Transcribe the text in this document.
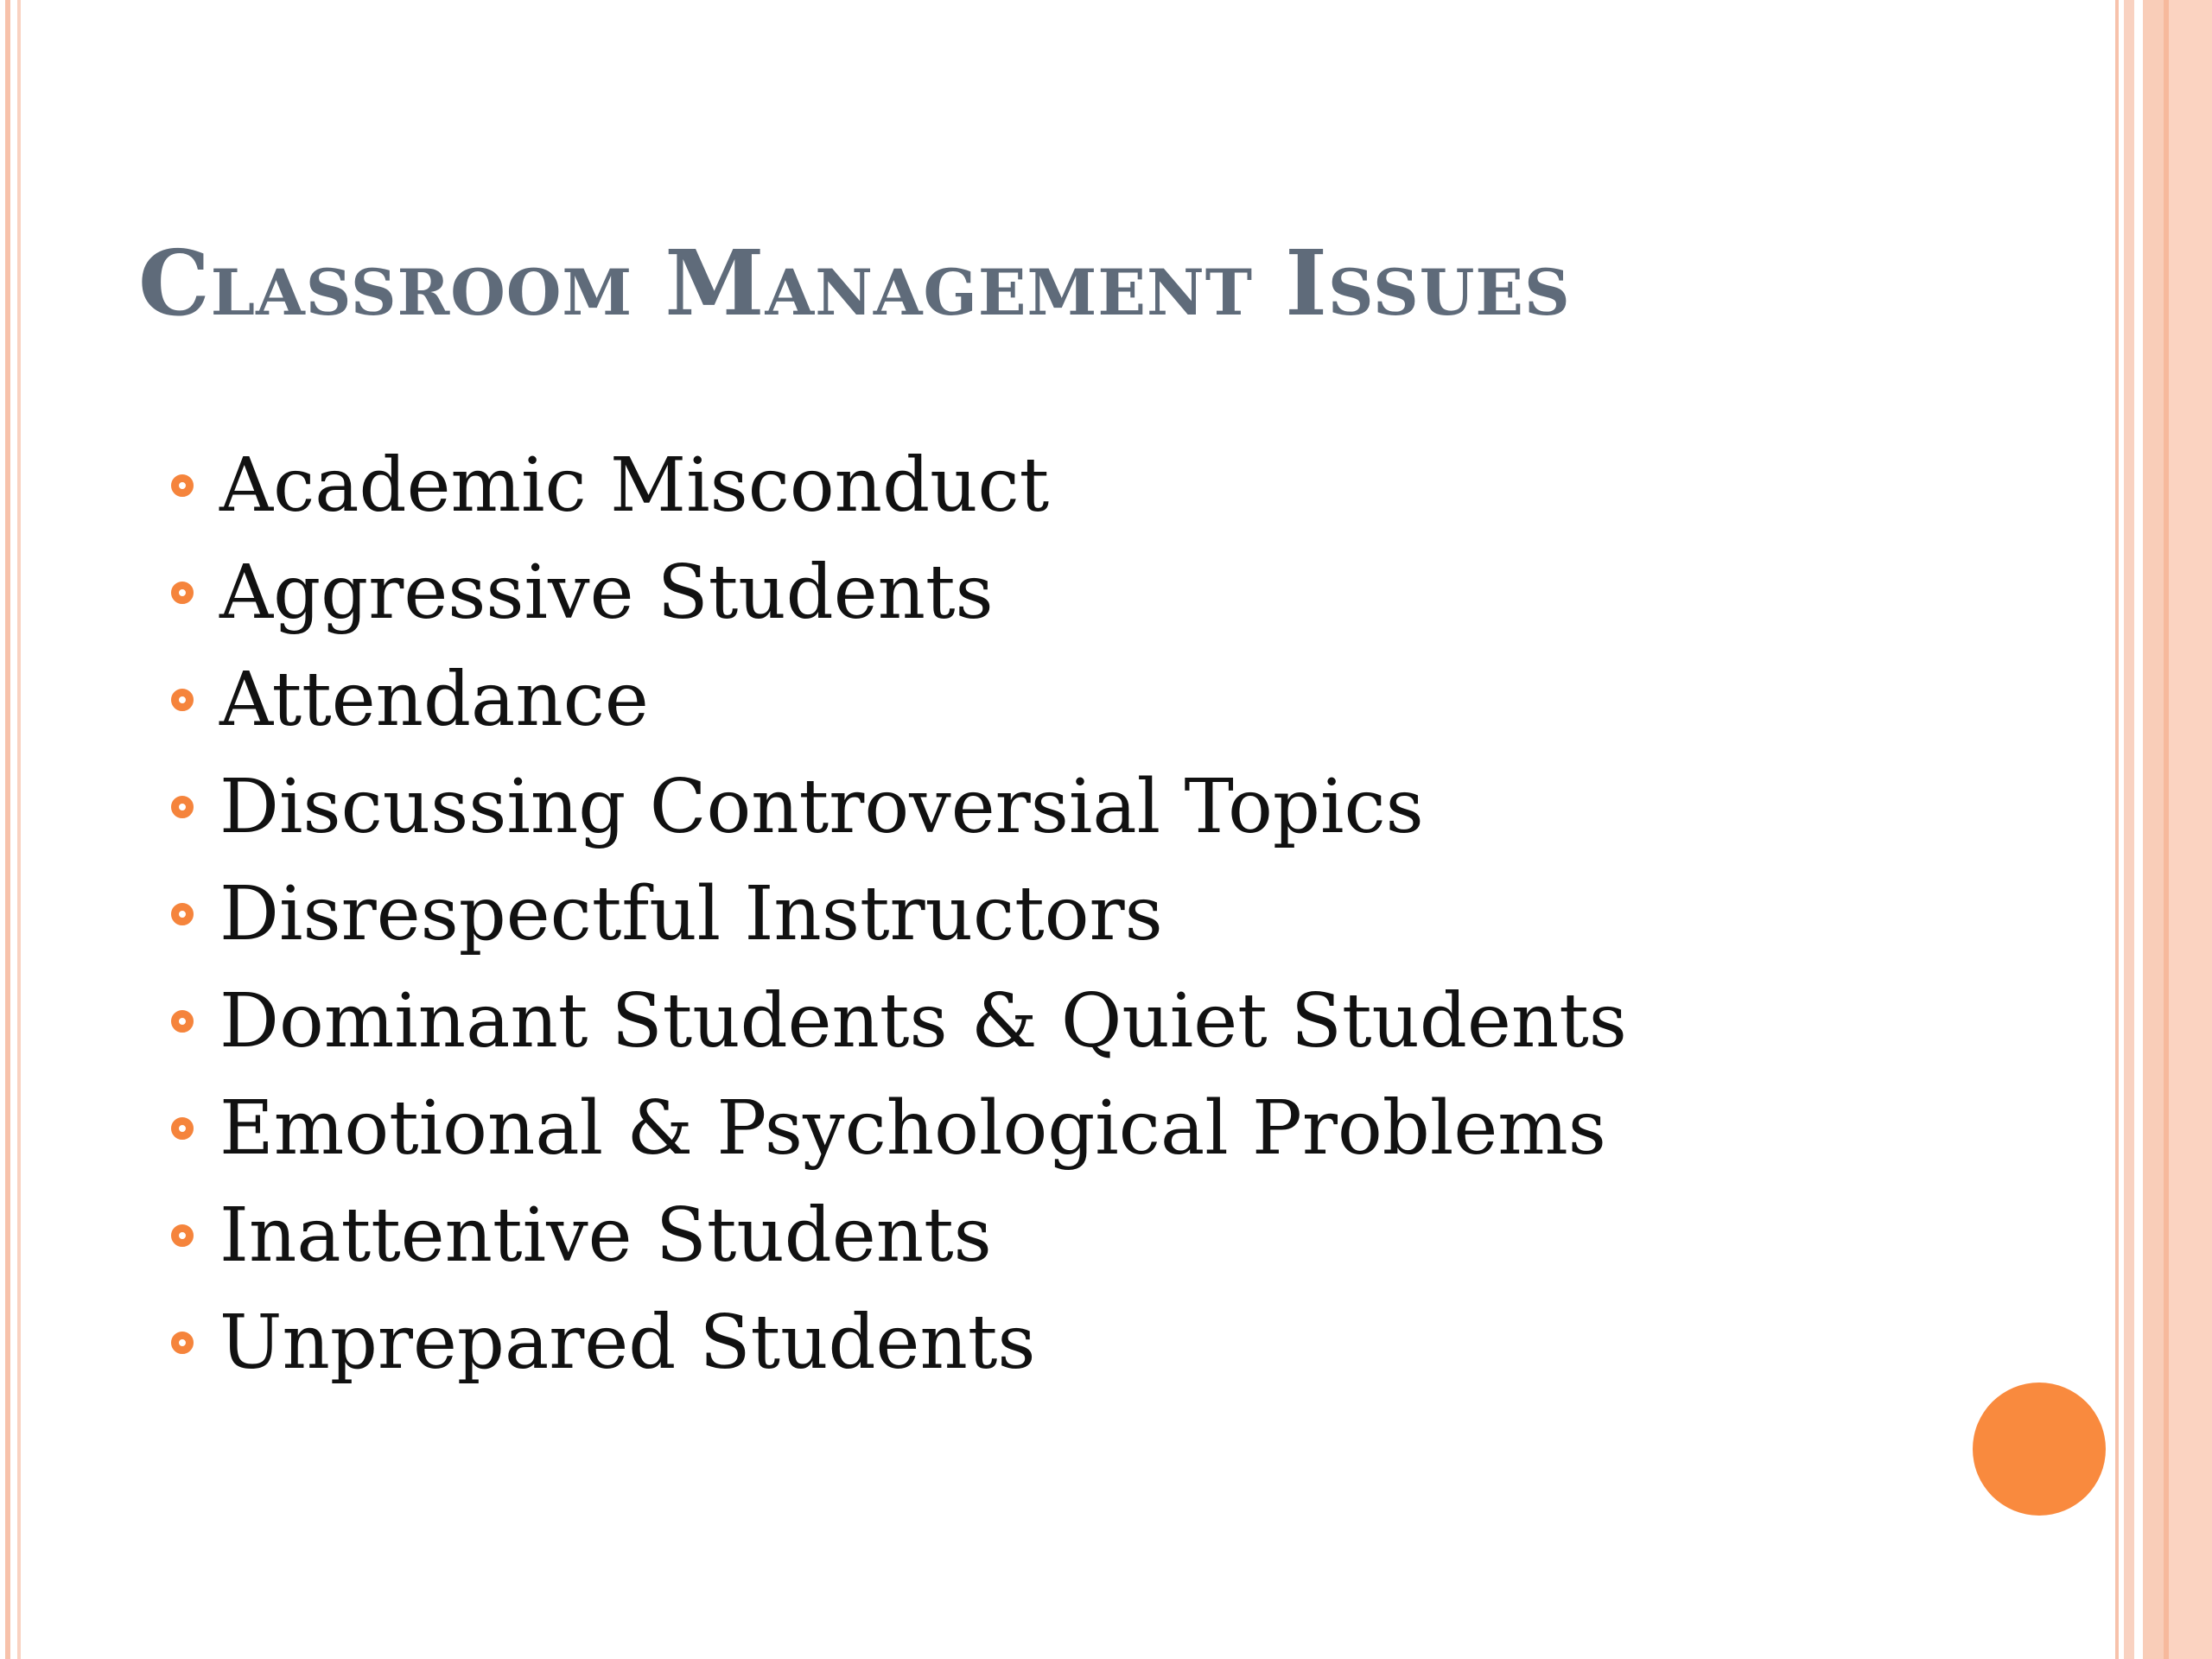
Classroom Management Issues
Academic Misconduct
Aggressive Students
Attendance
Discussing Controversial Topics
Disrespectful Instructors
Dominant Students & Quiet Students
Emotional & Psychological Problems
Inattentive Students
Unprepared Students
